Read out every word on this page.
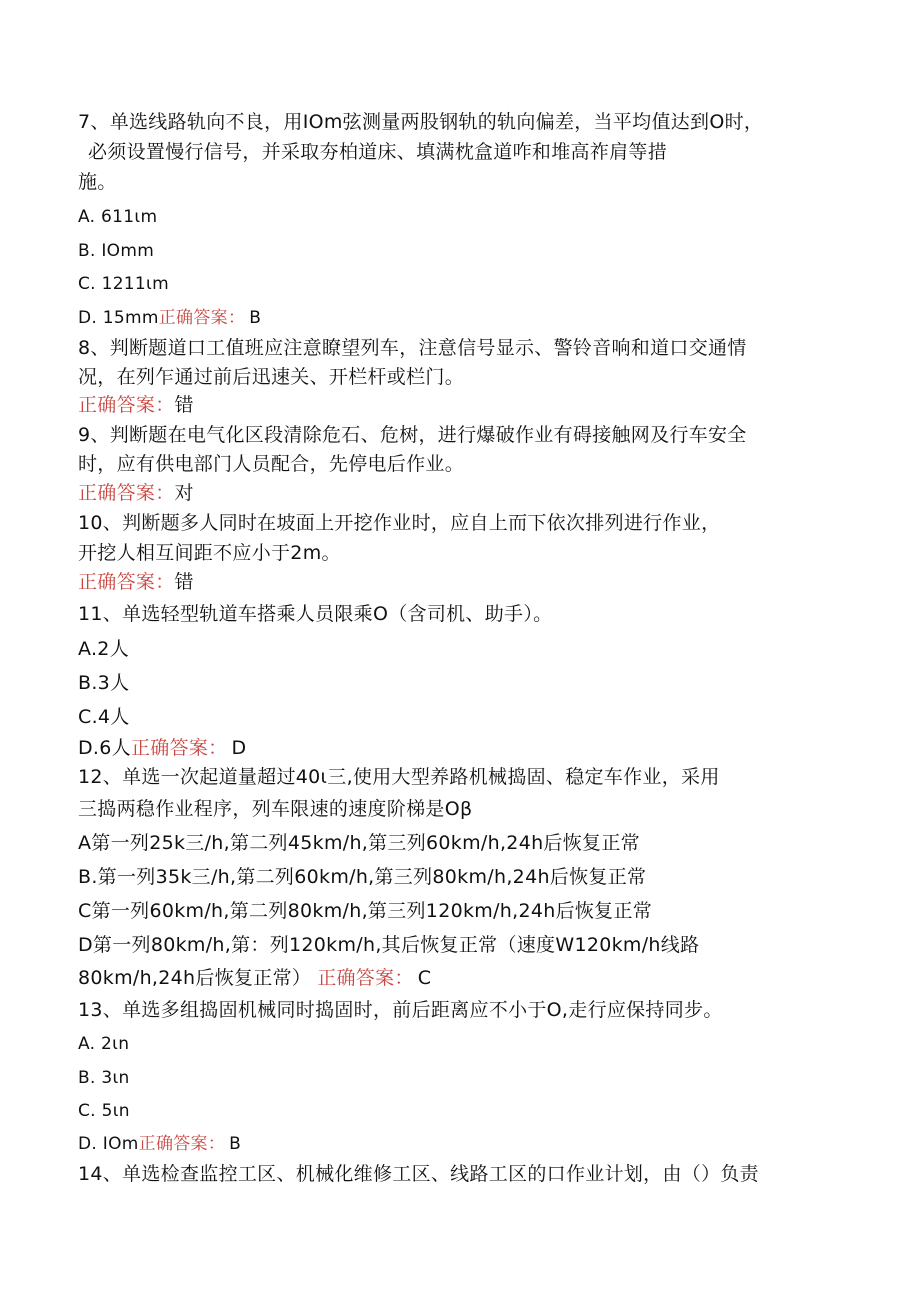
7、单选线路轨向不良，用IOm弦测量两股钢轨的轨向偏差，当平均值达到O时，
必须设置慢行信号，并采取夯柏道床、填满枕盒道咋和堆高祚肩等措
施。
A. 611ιm
B. IOmm
C. 1211ιm
D. 15mm正确答案： B
8、判断题道口工值班应注意瞭望列车，注意信号显示、警铃音响和道口交通情
况，在列乍通过前后迅速关、开栏杆或栏门。
正确答案：错
9、判断题在电气化区段清除危石、危树，进行爆破作业有碍接触网及行车安全
时，应有供电部门人员配合，先停电后作业。
正确答案：对
10、判断题多人同时在坡面上开挖作业时，应自上而下依次排列进行作业，
开挖人相互间距不应小于2m。
正确答案：错
11、单选轻型轨道车搭乘人员限乘O（含司机、助手）。
A.2人
B.3人
C.4人
D.6人正确答案： D
12、单选一次起道量超过40ι三,使用大型养路机械捣固、稳定车作业，采用
三捣两稳作业程序，列车限速的速度阶梯是Oβ
A第一列25k三/h,第二列45km∕h,第三列60km∕h,24h后恢复正常
B.第一列35k三/h,第二列60km∕h,第三列80km∕h,24h后恢复正常
C第一列60km∕h,第二列80km∕h,第三列120km∕h,24h后恢复正常
D第一列80km∕h,第：列120km∕h,其后恢复正常（速度W120km∕h线路
80km∕h,24h后恢复正常） 正确答案： C
13、单选多组捣固机械同时捣固时，前后距离应不小于O,走行应保持同步。
A. 2ιn
B. 3ιn
C. 5ιn
D. IOm正确答案： B
14、单选检查监控工区、机械化维修工区、线路工区的口作业计划，由（）负责
